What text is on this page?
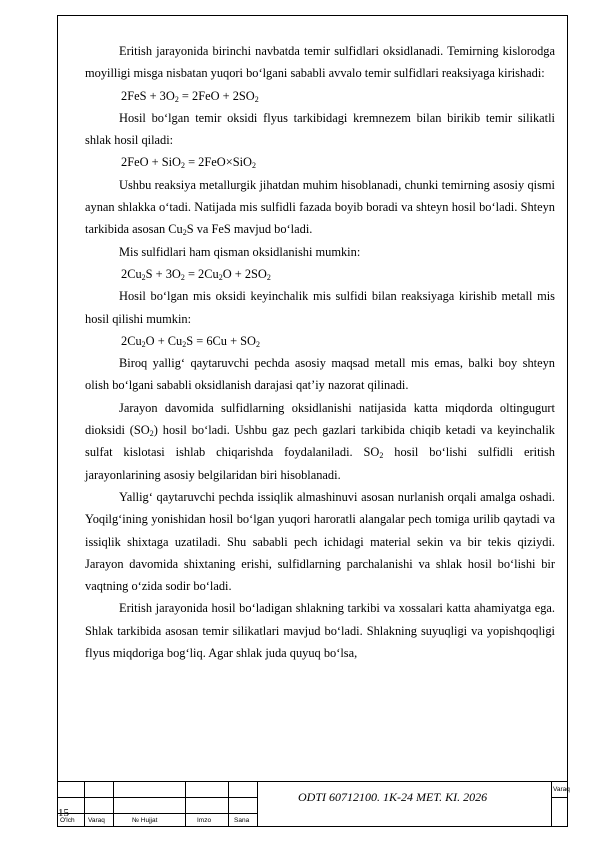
Eritish jarayonida birinchi navbatda temir sulfidlari oksidlanadi. Temirning kislorodga moyilligi misga nisbatan yuqori bo‘lgani sababli avvalo temir sulfidlari reaksiyaga kirishadi:

$2FeS + 3O_2 = 2FeO + 2SO_2$

Hosil bo‘lgan temir oksidi flyus tarkibidagi kremnezem bilan birikib temir silikatli shlak hosil qiladi:

2FeO + SiO$_2$ = 2FeO×SiO$_2$

Ushbu reaksiya metallurgik jihatdan muhim hisoblanadi, chunki temirning asosiy qismi aynan shlakka o‘tadi. Natijada mis sulfidli fazada boyib boradi va shteyn hosil bo‘ladi. Shteyn tarkibida asosan $Cu_2S$ va FeS mavjud bo‘ladi.

Mis sulfidlari ham qisman oksidlanishi mumkin:

$2Cu_2S + 3O_2 = 2Cu_2O + 2SO_2$

Hosil bo‘lgan mis oksidi keyinchalik mis sulfidi bilan reaksiyaga kirishib metall mis hosil qilishi mumkin:

$2Cu_2O + Cu_2S = 6Cu + SO_2$

Biroq yallig‘ qaytaruvchi pechda asosiy maqsad metall mis emas, balki boy shteyn olish bo‘lgani sababli oksidlanish darajasi qat’iy nazorat qilinadi.

Jarayon davomida sulfidlarning oksidlanishi natijasida katta miqdorda oltingugurt dioksidi $(SO_2)$ hosil bo‘ladi. Ushbu gaz pech gazlari tarkibida chiqib ketadi va keyinchalik sulfat kislotasi ishlab chiqarishda foydalaniladi. $SO_2$ hosil bo‘lishi sulfidli eritish jarayonlarining asosiy belgilaridan biri hisoblanadi.

Yallig‘ qaytaruvchi pechda issiqlik almashinuvi asosan nurlanish orqali amalga oshadi. Yoqilg‘ining yonishidan hosil bo‘lgan yuqori haroratli alangalar pech tomiga urilib qaytadi va issiqlik shixtaga uzatiladi. Shu sababli pech ichidagi material sekin va bir tekis qiziydi. Jarayon davomida shixtaning erishi, sulfidlarning parchalanishi va shlak hosil bo‘lishi bir vaqtning o‘zida sodir bo‘ladi.

Eritish jarayonida hosil bo‘ladigan shlakning tarkibi va xossalari katta ahamiyatga ega. Shlak tarkibida asosan temir silikatlari mavjud bo‘ladi. Shlakning suyuqligi va yopishqoqligi flyus miqdoriga bog‘liq. Agar shlak juda quyuq bo‘lsa,

15
ODTI 60712100. 1K-24 MET. KI. 2026
Varaq
O'lch Varaq	№ Hujjat	Imzo	Sana
